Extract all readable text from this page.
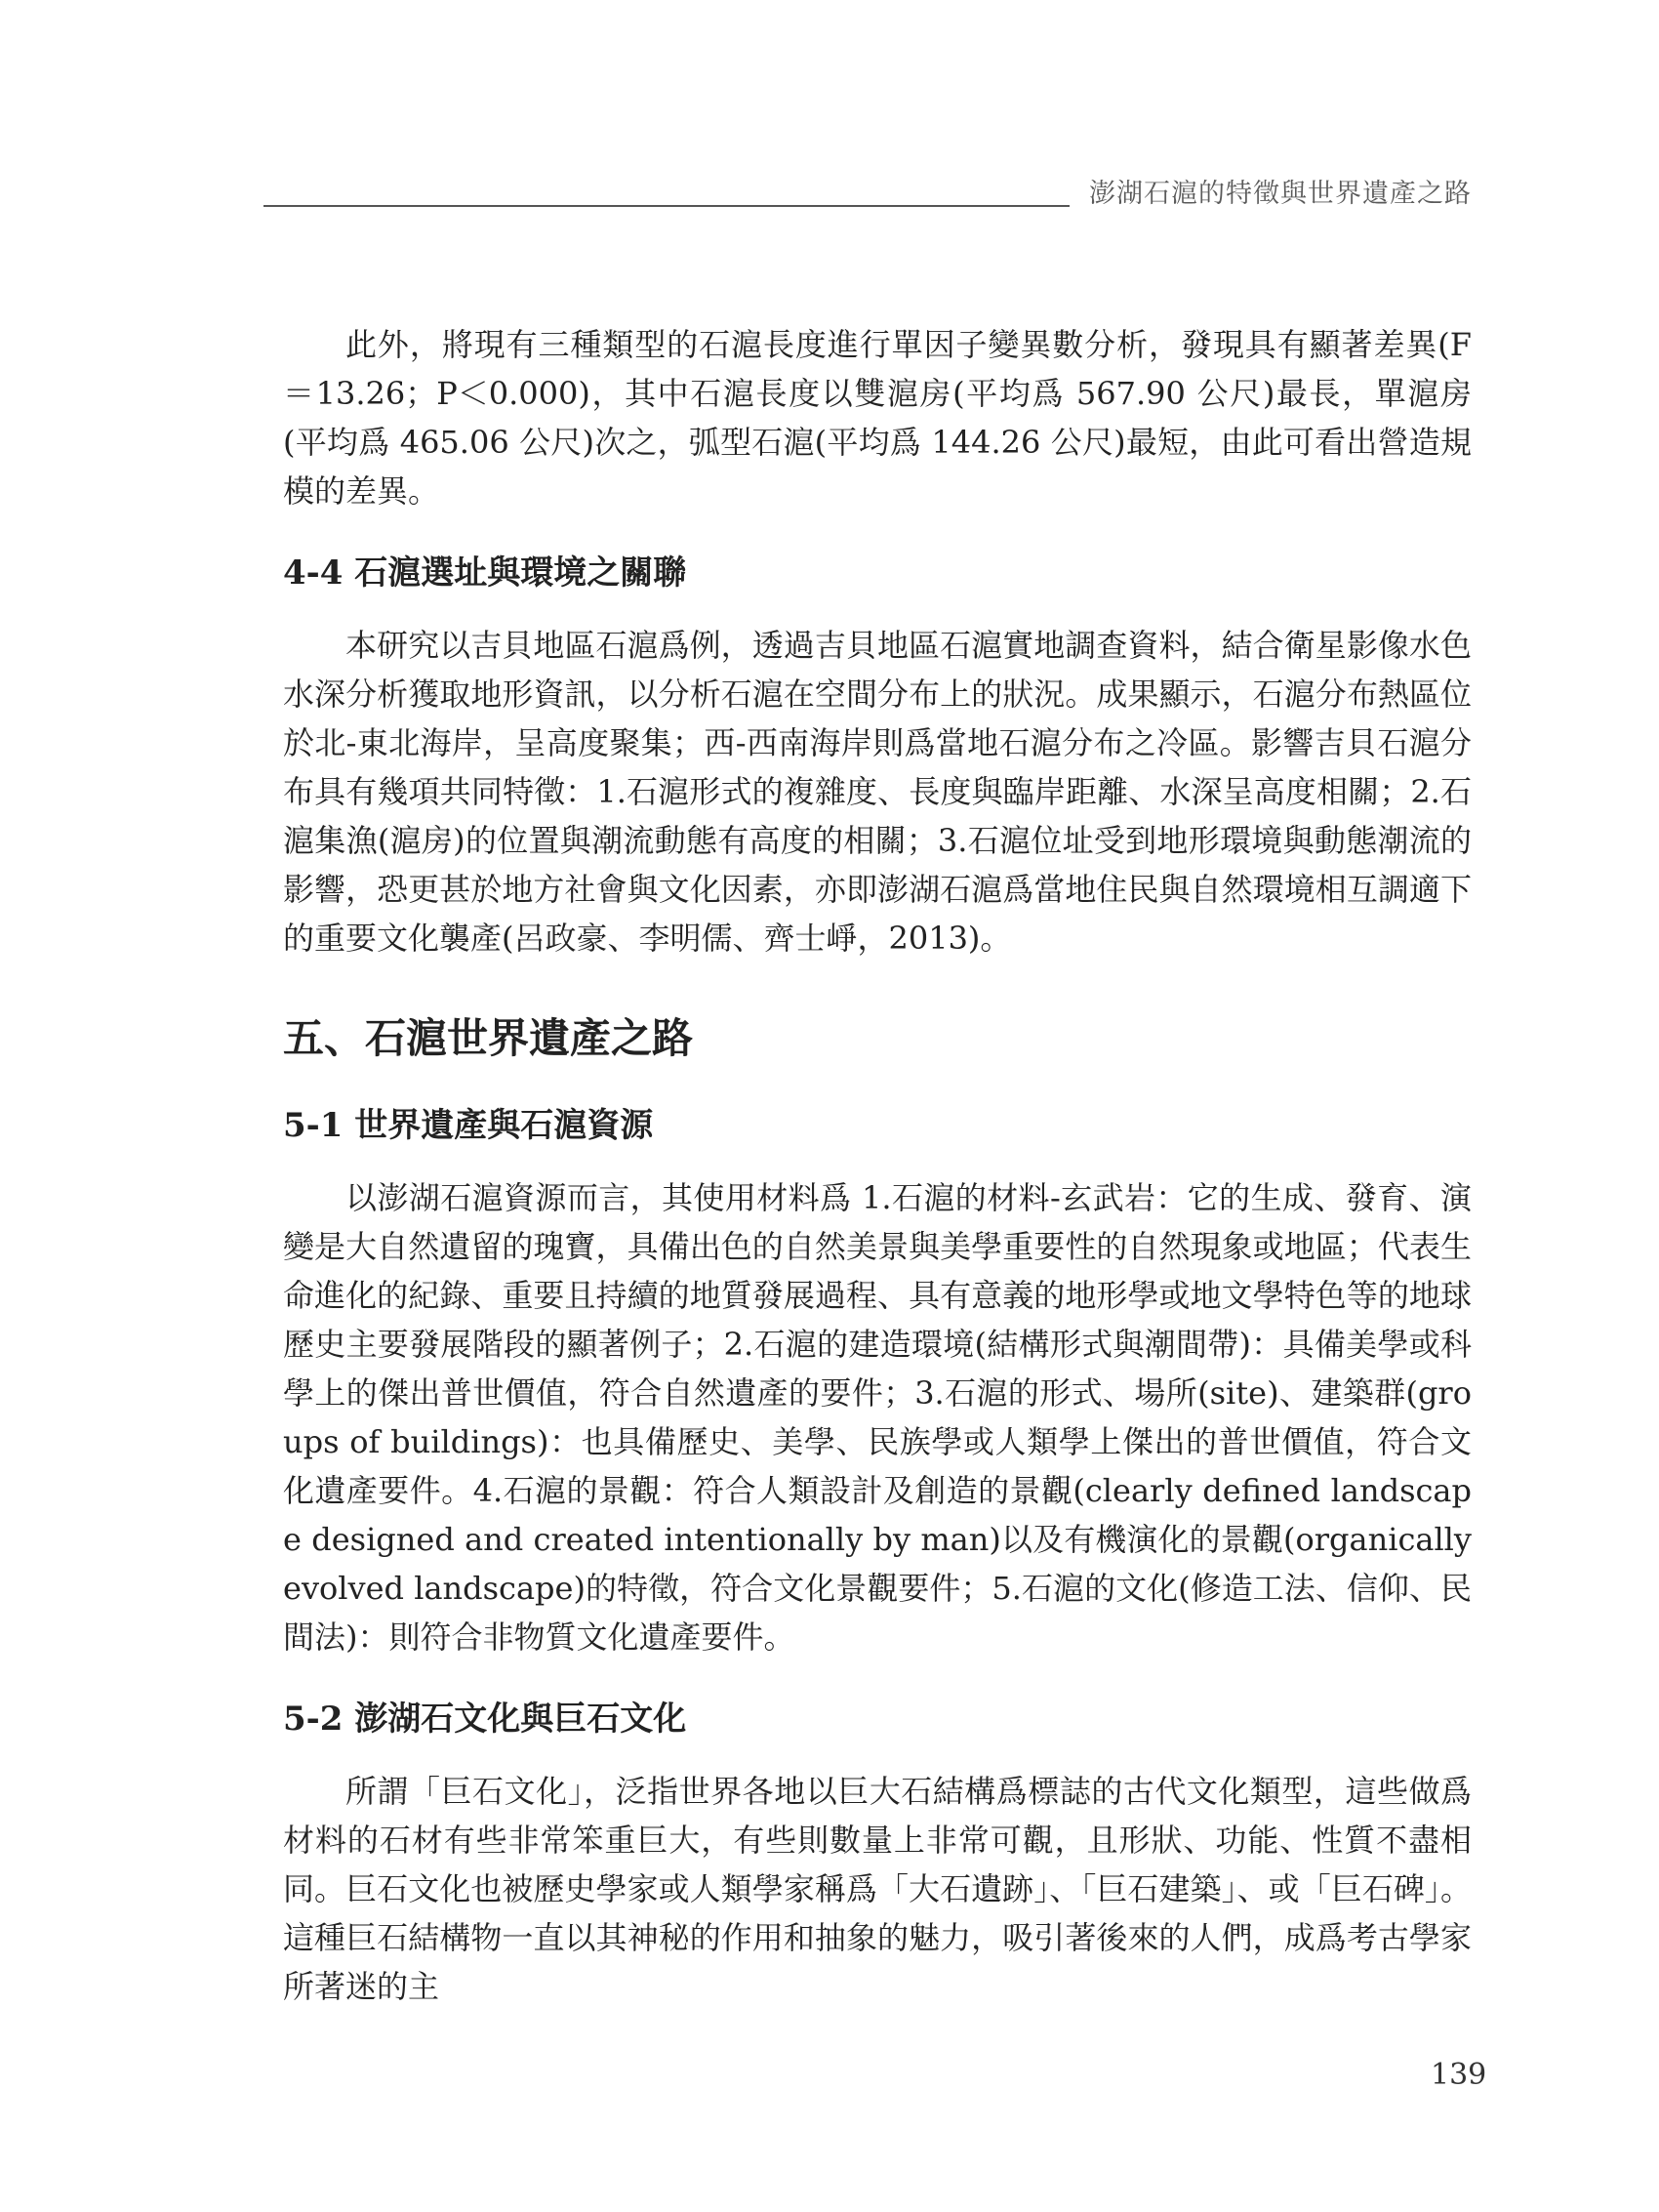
澎湖石滬的特徵與世界遺產之路

此外，將現有三種類型的石滬長度進行單因子變異數分析，發現具有顯著差異(F＝13.26；P＜0.000)，其中石滬長度以雙滬房(平均爲 567.90 公尺)最長，單滬房(平均爲 465.06 公尺)次之，弧型石滬(平均爲 144.26 公尺)最短，由此可看出營造規模的差異。

4-4 石滬選址與環境之關聯

本研究以吉貝地區石滬爲例，透過吉貝地區石滬實地調查資料，結合衛星影像水色水深分析獲取地形資訊，以分析石滬在空間分布上的狀況。成果顯示，石滬分布熱區位於北-東北海岸，呈高度聚集；西-西南海岸則爲當地石滬分布之冷區。影響吉貝石滬分布具有幾項共同特徵：1.石滬形式的複雜度、長度與臨岸距離、水深呈高度相關；2.石滬集漁(滬房)的位置與潮流動態有高度的相關；3.石滬位址受到地形環境與動態潮流的影響，恐更甚於地方社會與文化因素，亦即澎湖石滬爲當地住民與自然環境相互調適下的重要文化襲產(呂政豪、李明儒、齊士崢，2013)。

五、石滬世界遺產之路
5-1 世界遺產與石滬資源

以澎湖石滬資源而言，其使用材料爲 1.石滬的材料-玄武岩：它的生成、發育、演變是大自然遺留的瑰寶，具備出色的自然美景與美學重要性的自然現象或地區；代表生命進化的紀錄、重要且持續的地質發展過程、具有意義的地形學或地文學特色等的地球歷史主要發展階段的顯著例子；2.石滬的建造環境(結構形式與潮間帶)：具備美學或科學上的傑出普世價值，符合自然遺產的要件；3.石滬的形式、場所(site)、建築群(groups of buildings)：也具備歷史、美學、民族學或人類學上傑出的普世價值，符合文化遺產要件。4.石滬的景觀：符合人類設計及創造的景觀(clearly defined landscape designed and created intentionally by man)以及有機演化的景觀(organically evolved landscape)的特徵，符合文化景觀要件；5.石滬的文化(修造工法、信仰、民間法)：則符合非物質文化遺產要件。

5-2 澎湖石文化與巨石文化

所謂「巨石文化」，泛指世界各地以巨大石結構爲標誌的古代文化類型，這些做爲材料的石材有些非常笨重巨大，有些則數量上非常可觀，且形狀、功能、性質不盡相同。巨石文化也被歷史學家或人類學家稱爲「大石遺跡」、「巨石建築」、或「巨石碑」。這種巨石結構物一直以其神秘的作用和抽象的魅力，吸引著後來的人們，成爲考古學家所著迷的主

139
